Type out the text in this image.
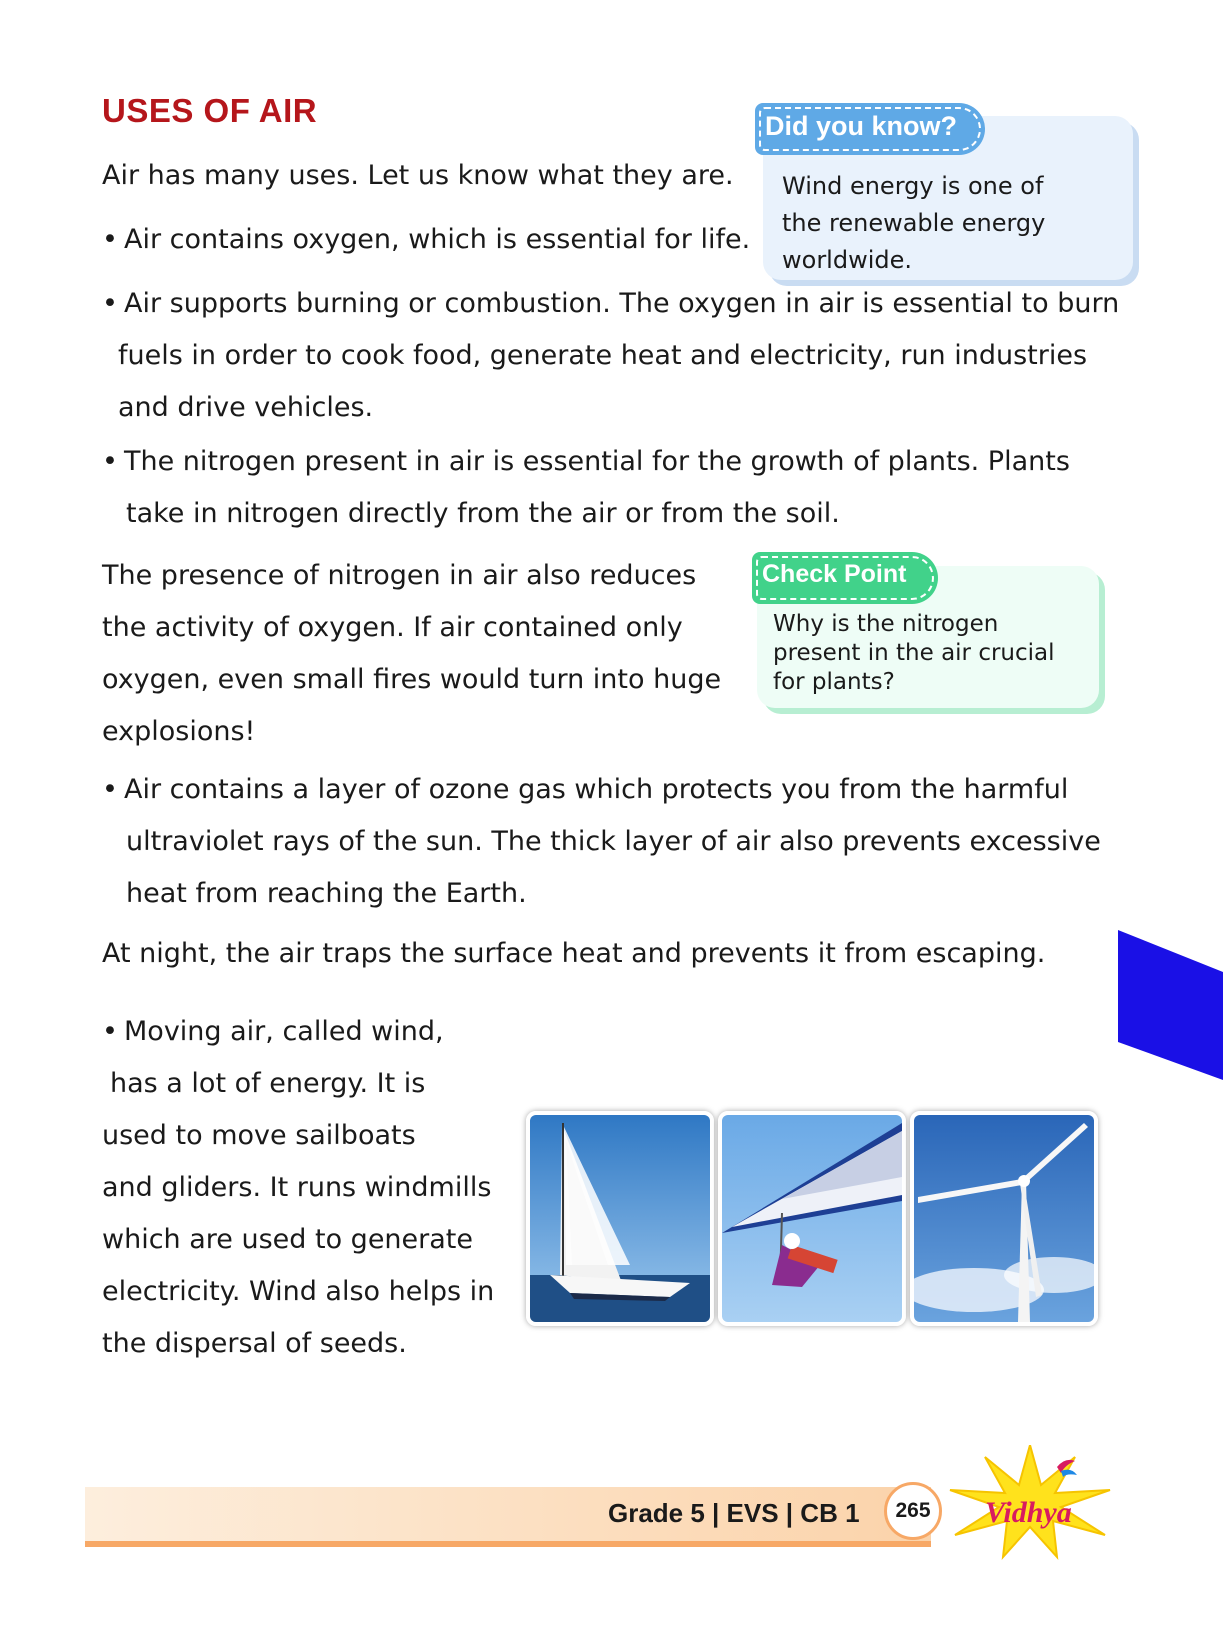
USES OF AIR	Did you know?
Wind energy is one of
the renewable energy
worldwide.
Air has many uses. Let us know what they are.
• Air contains oxygen, which is essential for life.
• Air supports burning or combustion. The oxygen in air is essential to burn
fuels in order to cook food, generate heat and electricity, run industries
and drive vehicles.
• The nitrogen present in air is essential for the growth of plants. Plants
take in nitrogen directly from the air or from the soil.
The presence of nitrogen in air also reduces
the activity of oxygen. If air contained only
oxygen, even small fires would turn into huge
explosions!
Check Point
Why is the nitrogen
present in the air crucial
for plants?
• Air contains a layer of ozone gas which protects you from the harmful
ultraviolet rays of the sun. The thick layer of air also prevents excessive
heat from reaching the Earth.
At night, the air traps the surface heat and prevents it from escaping.
• Moving air, called wind,
has a lot of energy. It is
used to move sailboats
and gliders. It runs windmills
which are used to generate
electricity. Wind also helps in
the dispersal of seeds.
Grade 5 | EVS | CB 1	265	Vidhya
